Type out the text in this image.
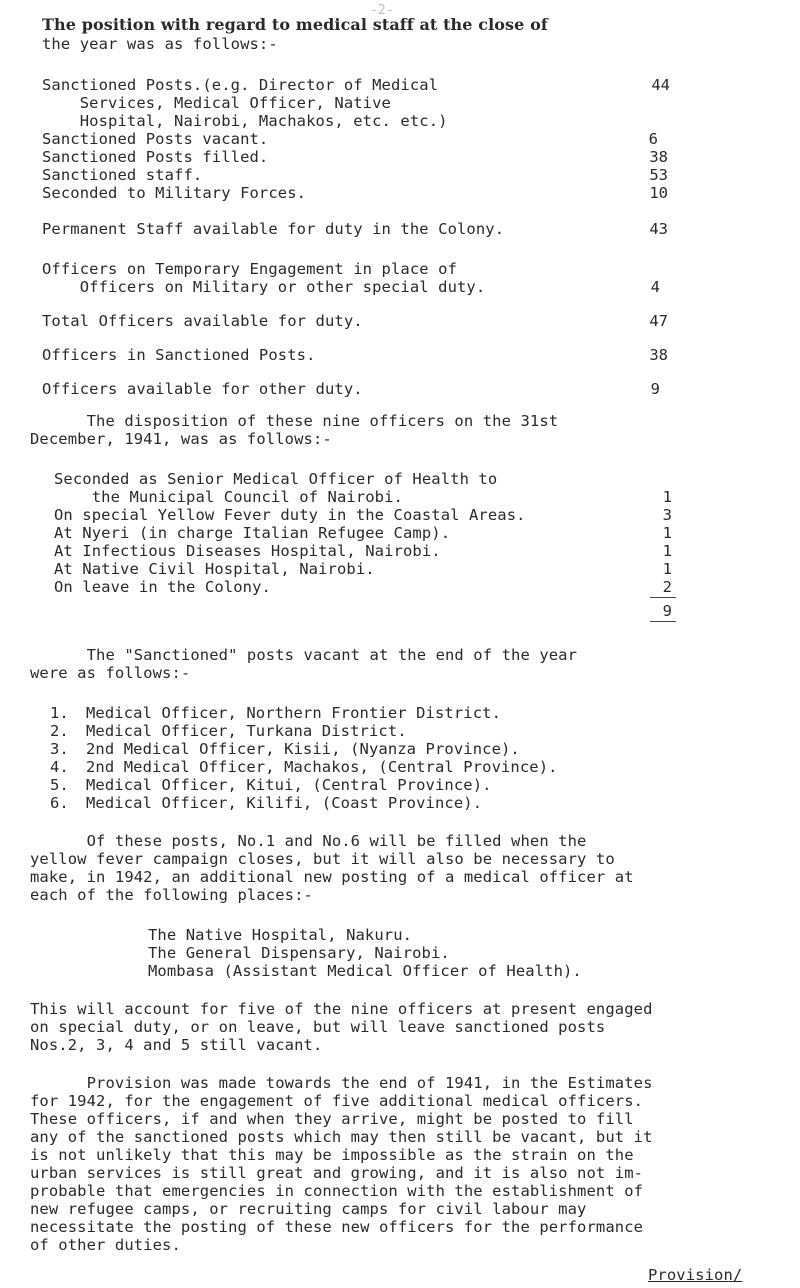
-2-
The position with regard to medical staff at the close of
the year was as follows:-
Sanctioned Posts.(e.g. Director of Medical	44
Services, Medical Officer, Native
Hospital, Nairobi, Machakos, etc. etc.)
Sanctioned Posts vacant.	6
Sanctioned Posts filled.	38
Sanctioned staff.	53
Seconded to Military Forces.	10
Permanent Staff available for duty in the Colony.	43
Officers on Temporary Engagement in place of
Officers on Military or other special duty.	4
Total Officers available for duty.	47
Officers in Sanctioned Posts.	38
Officers available for other duty.	9
The disposition of these nine officers on the 31st
December, 1941, was as follows:-
Seconded as Senior Medical Officer of Health to
the Municipal Council of Nairobi.	1
On special Yellow Fever duty in the Coastal Areas.	3
At Nyeri (in charge Italian Refugee Camp).	1
At Infectious Diseases Hospital, Nairobi.	1
At Native Civil Hospital, Nairobi.	1
On leave in the Colony.	2
9
The "Sanctioned" posts vacant at the end of the year
were as follows:-
1. Medical Officer, Northern Frontier District.
2. Medical Officer, Turkana District.
3. 2nd Medical Officer, Kisii, (Nyanza Province).
4. 2nd Medical Officer, Machakos, (Central Province).
5. Medical Officer, Kitui, (Central Province).
6. Medical Officer, Kilifi, (Coast Province).
Of these posts, No.1 and No.6 will be filled when the
yellow fever campaign closes, but it will also be necessary to
make, in 1942, an additional new posting of a medical officer at
each of the following places:-
The Native Hospital, Nakuru.
The General Dispensary, Nairobi.
Mombasa (Assistant Medical Officer of Health).
This will account for five of the nine officers at present engaged
on special duty, or on leave, but will leave sanctioned posts
Nos.2, 3, 4 and 5 still vacant.
Provision was made towards the end of 1941, in the Estimates
for 1942, for the engagement of five additional medical officers.
These officers, if and when they arrive, might be posted to fill
any of the sanctioned posts which may then still be vacant, but it
is not unlikely that this may be impossible as the strain on the
urban services is still great and growing, and it is also not im-
probable that emergencies in connection with the establishment of
new refugee camps, or recruiting camps for civil labour may
necessitate the posting of these new officers for the performance
of other duties.
Provision/
